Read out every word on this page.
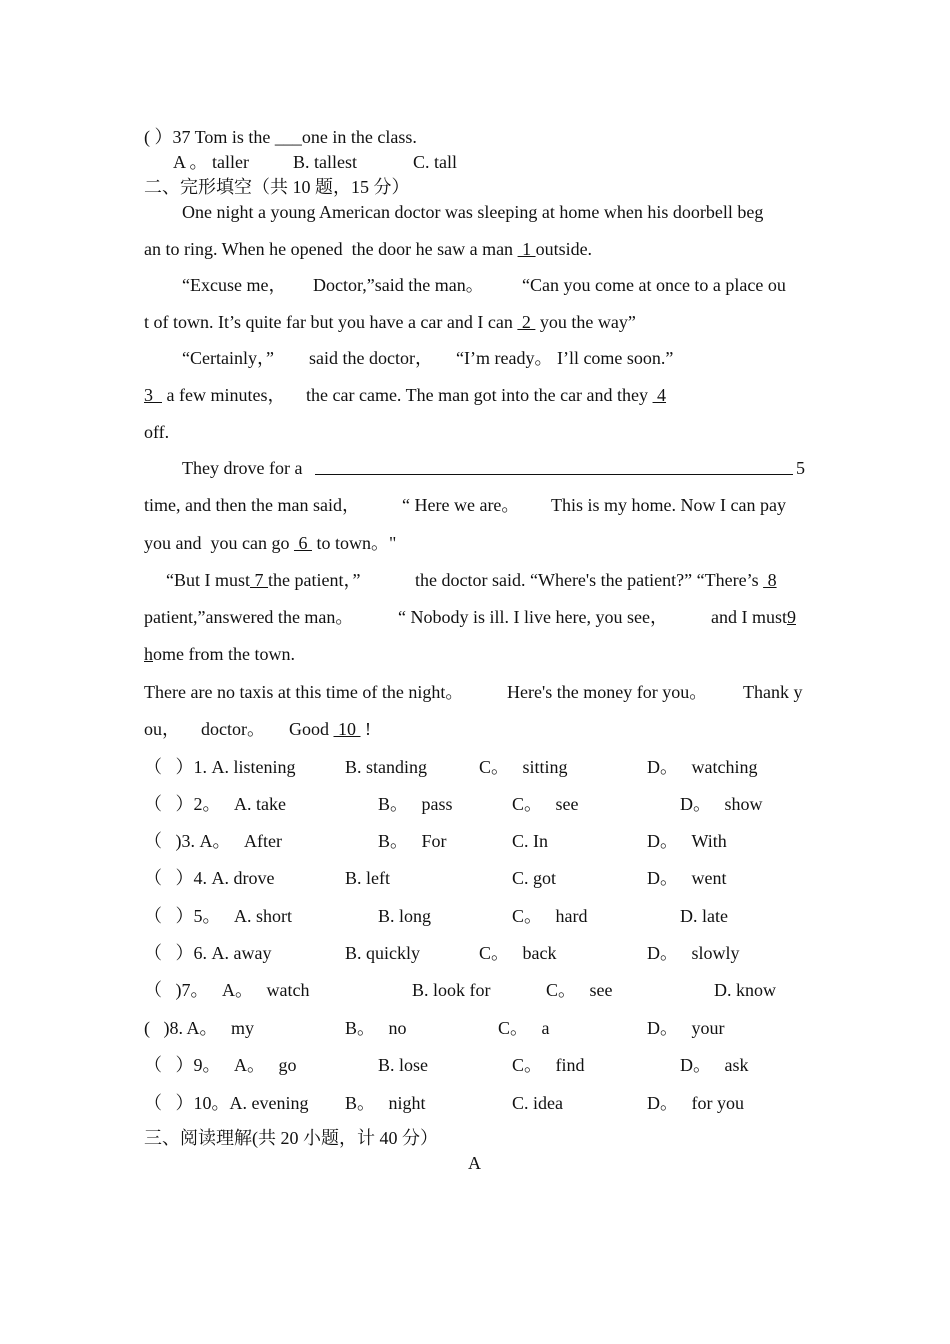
( ）37 Tom is the ___one in the class.
A 。 taller B. tallest	C. tall
二、完形填空（共 10 题，15 分）
One night a young American doctor was sleeping at home when his doorbell beg
an to ring. When he opened  the door he saw a man  1 outside.
“Excuse me， Doctor,”said the man。 “Can you come at once to a place ou
t of town. It’s quite far but you have a car and I can  2  you the way”
“Certainly，” said the doctor， “I’m ready。 I’ll come soon.”
3   a few minutes， the car came. The man got into the car and they  4
off.
They drove for a	5
time, and then the man said， “ Here we are。 This is my home. Now I can pay
you and  you can go  6  to town。"
“But I must 7 the patient，”	the doctor said. “Where's the patient?” “There’s  8
patient,”answered the man。 “ Nobody is ill. I live here, you see， and I must9
home from the town.
There are no taxis at this time of the night。 Here's the money for you。 Thank y
ou， doctor。 Good  10  !
（   ）1. A. listening	B. standing	C。   sitting	D。   watching
（   ）2。   A. take	B。   pass	C。   see	D。   show
（   )3. A。   After	B。   For	C. In	D。   With
（   ）4. A. drove	B. left	C. got	D。   went
（   ）5。   A. short	B. long	C。   hard	D. late
（   ）6. A. away	B. quickly	C。   back	D。   slowly
（   )7。   A。   watch	B. look for	C。   see	D. know
(   )8. A。   my	B。   no	C。   a	D。   your
（   ）9。   A。   go	B. lose	C。   find	D。   ask
（   ）10。A. evening B。   night	C. idea	D。   for you
三、阅读理解(共 20 小题，计 40 分）
A
